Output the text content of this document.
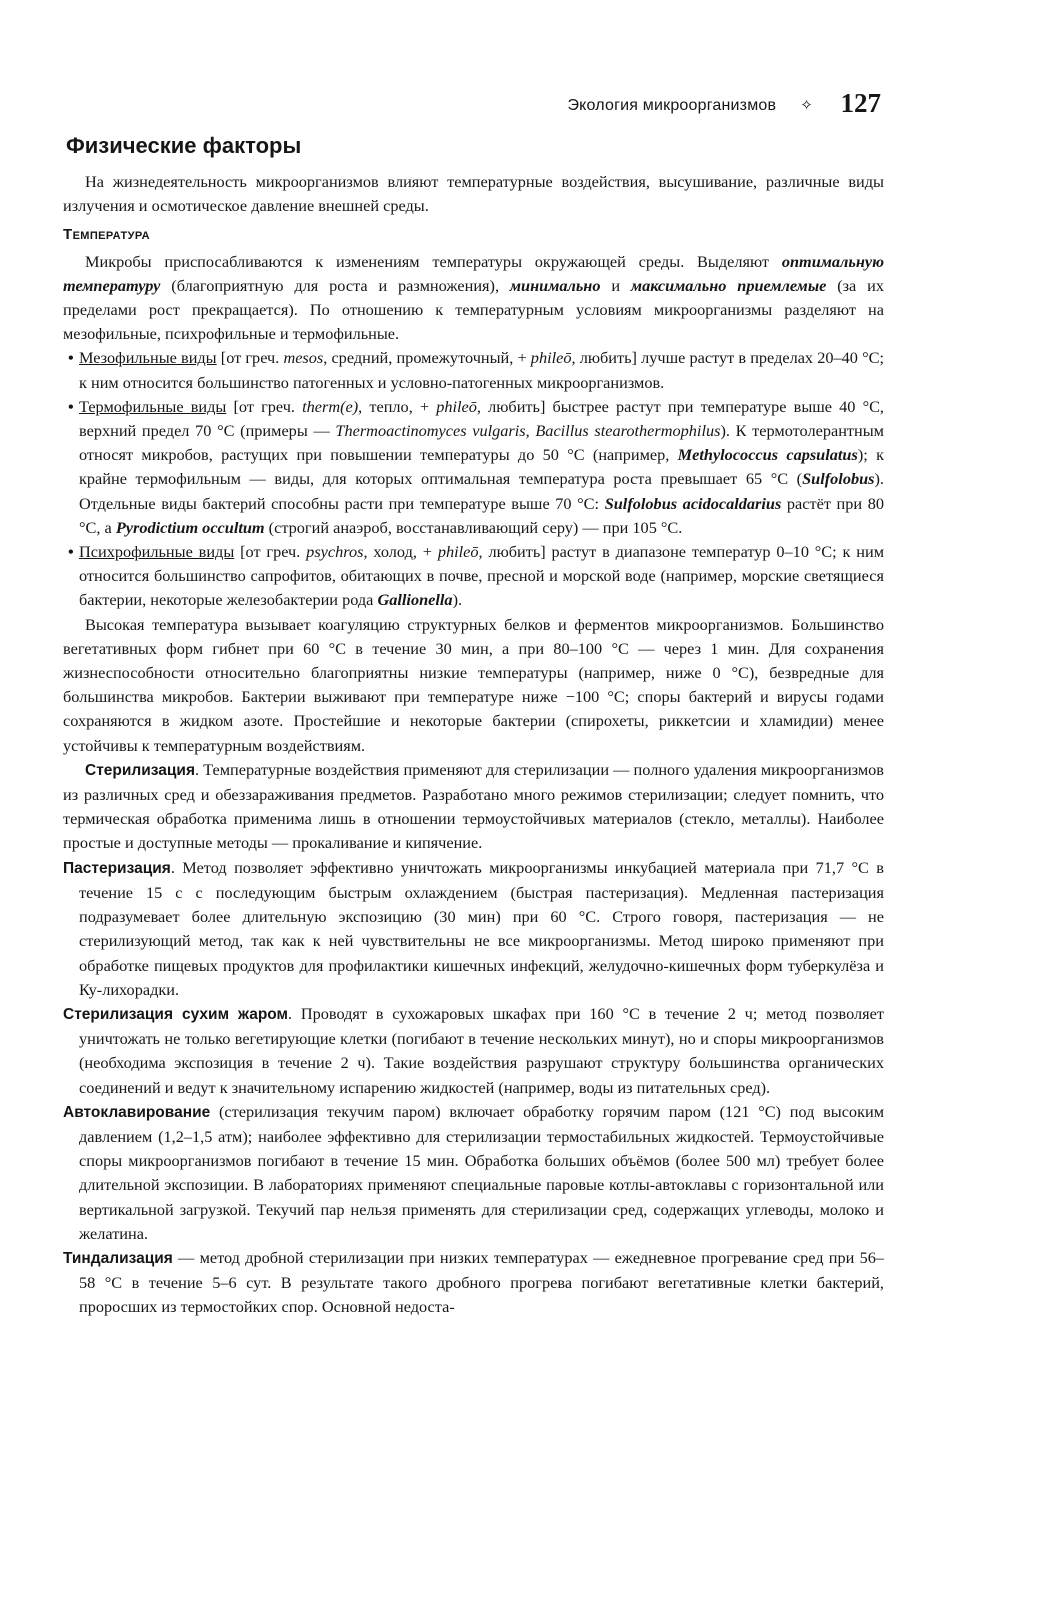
Экология микроорганизмов ✧	127
Физические факторы

На жизнедеятельность микроорганизмов влияют температурные воздействия, высушивание, различные виды излучения и осмотическое давление внешней среды.

Температура

Микробы приспосабливаются к изменениям температуры окружающей среды. Выделяют оптимальную температуру (благоприятную для роста и размножения), минимально и максимально приемлемые (за их пределами рост прекращается). По отношению к температурным условиям микроорганизмы разделяют на мезофильные, психрофильные и термофильные.

• Мезофильные виды [от греч. mesos, средний, промежуточный, + phileō, любить] лучше растут в пределах 20–40 °С; к ним относится большинство патогенных и условно-патогенных микроорганизмов.

• Термофильные виды [от греч. therm(e), тепло, + phileō, любить] быстрее растут при температуре выше 40 °С, верхний предел 70 °С (примеры — Thermoactinomyces vulgaris, Bacillus stearothermophilus). К термотолерантным относят микробов, растущих при повышении температуры до 50 °С (например, Methylococcus capsulatus); к крайне термофильным — виды, для которых оптимальная температура роста превышает 65 °С (Sulfolobus). Отдельные виды бактерий способны расти при температуре выше 70 °С: Sulfolobus acidocaldarius растёт при 80 °С, а Pyrodictium occultum (строгий анаэроб, восстанавливающий серу) — при 105 °С.

• Психрофильные виды [от греч. psychros, холод, + phileō, любить] растут в диапазоне температур 0–10 °С; к ним относится большинство сапрофитов, обитающих в почве, пресной и морской воде (например, морские светящиеся бактерии, некоторые железобактерии рода Gallionella).

Высокая температура вызывает коагуляцию структурных белков и ферментов микроорганизмов. Большинство вегетативных форм гибнет при 60 °С в течение 30 мин, а при 80–100 °С — через 1 мин. Для сохранения жизнеспособности относительно благоприятны низкие температуры (например, ниже 0 °С), безвредные для большинства микробов. Бактерии выживают при температуре ниже −100 °С; споры бактерий и вирусы годами сохраняются в жидком азоте. Простейшие и некоторые бактерии (спирохеты, риккетсии и хламидии) менее устойчивы к температурным воздействиям.

Стерилизация. Температурные воздействия применяют для стерилизации — полного удаления микроорганизмов из различных сред и обеззараживания предметов. Разработано много режимов стерилизации; следует помнить, что термическая обработка применима лишь в отношении термоустойчивых материалов (стекло, металлы). Наиболее простые и доступные методы — прокаливание и кипячение.

Пастеризация. Метод позволяет эффективно уничтожать микроорганизмы инкубацией материала при 71,7 °С в течение 15 с с последующим быстрым охлаждением (быстрая пастеризация). Медленная пастеризация подразумевает более длительную экспозицию (30 мин) при 60 °С. Строго говоря, пастеризация — не стерилизующий метод, так как к ней чувствительны не все микроорганизмы. Метод широко применяют при обработке пищевых продуктов для профилактики кишечных инфекций, желудочно-кишечных форм туберкулёза и Ку-лихорадки.

Стерилизация сухим жаром. Проводят в сухожаровых шкафах при 160 °С в течение 2 ч; метод позволяет уничтожать не только вегетирующие клетки (погибают в течение нескольких минут), но и споры микроорганизмов (необходима экспозиция в течение 2 ч). Такие воздействия разрушают структуру большинства органических соединений и ведут к значительному испарению жидкостей (например, воды из питательных сред).

Автоклавирование (стерилизация текучим паром) включает обработку горячим паром (121 °С) под высоким давлением (1,2–1,5 атм); наиболее эффективно для стерилизации термостабильных жидкостей. Термоустойчивые споры микроорганизмов погибают в течение 15 мин. Обработка больших объёмов (более 500 мл) требует более длительной экспозиции. В лабораториях применяют специальные паровые котлы-автоклавы с горизонтальной или вертикальной загрузкой. Текучий пар нельзя применять для стерилизации сред, содержащих углеводы, молоко и желатина.

Тиндализация — метод дробной стерилизации при низких температурах — ежедневное прогревание сред при 56–58 °С в течение 5–6 сут. В результате такого дробного прогрева погибают вегетативные клетки бактерий, проросших из термостойких спор. Основной недоста-
